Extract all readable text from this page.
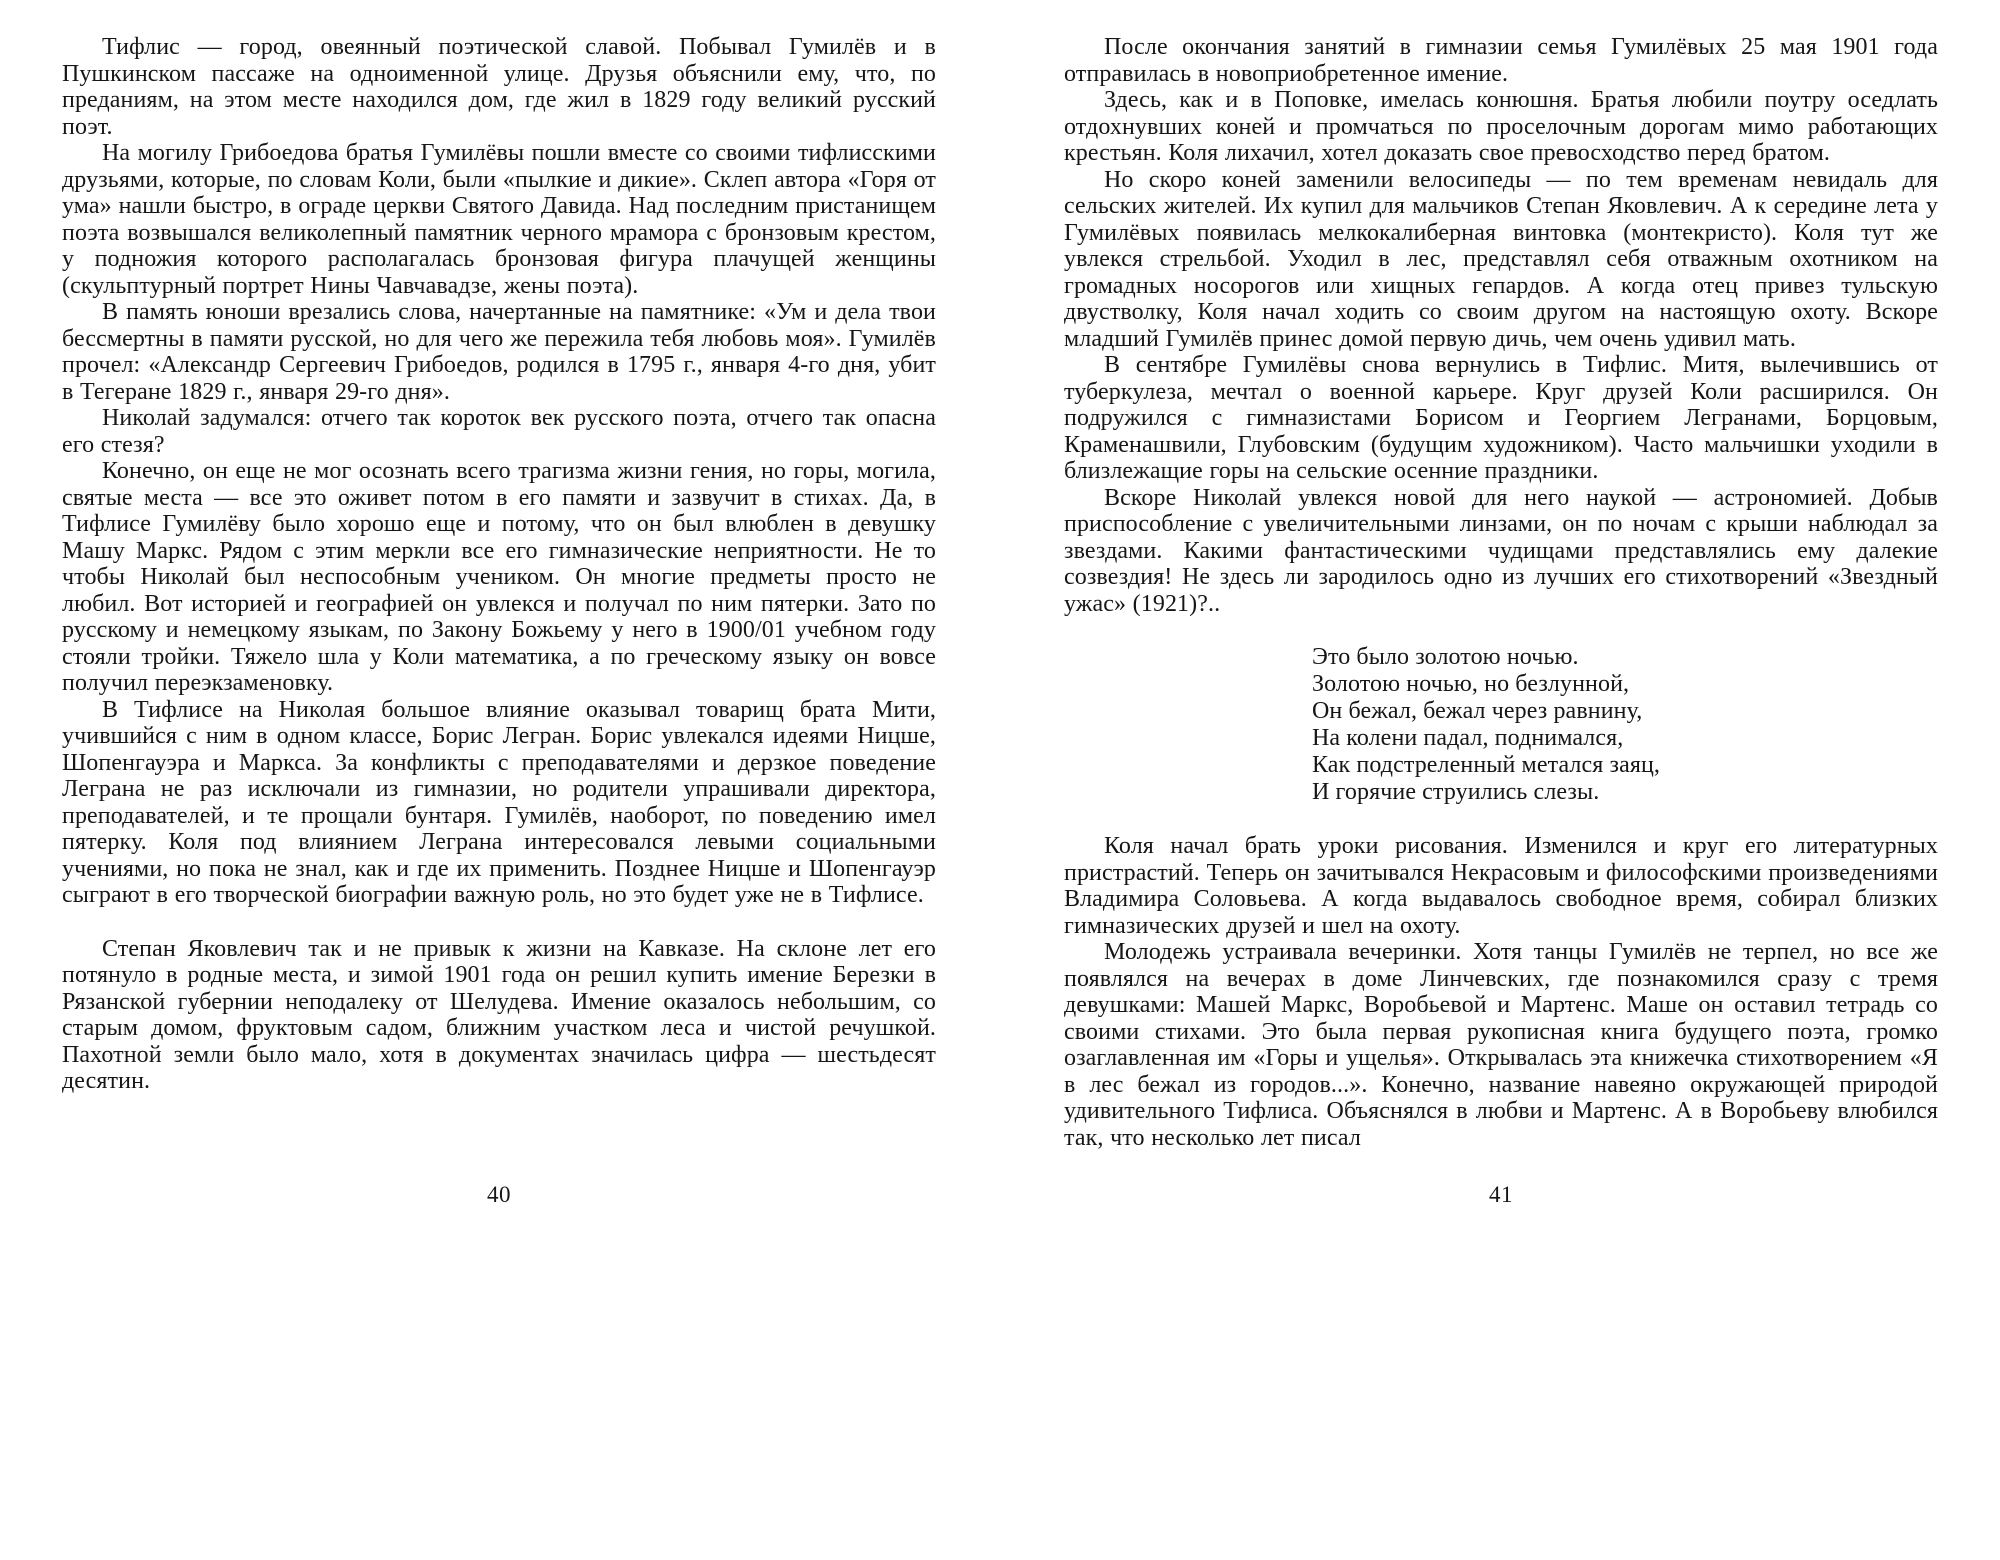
Тифлис — город, овеянный поэтической славой. Побывал Гумилёв и в Пушкинском пассаже на одноименной улице. Друзья объяснили ему, что, по преданиям, на этом месте находился дом, где жил в 1829 году великий русский поэт.

На могилу Грибоедова братья Гумилёвы пошли вместе со своими тифлисскими друзьями, которые, по словам Коли, были «пылкие и дикие». Склеп автора «Горя от ума» нашли быстро, в ограде церкви Святого Давида. Над последним пристанищем поэта возвышался великолепный памятник черного мрамора с бронзовым крестом, у подножия которого располагалась бронзовая фигура плачущей женщины (скульптурный портрет Нины Чавчавадзе, жены поэта).

В память юноши врезались слова, начертанные на памятнике: «Ум и дела твои бессмертны в памяти русской, но для чего же пережила тебя любовь моя». Гумилёв прочел: «Александр Сергеевич Грибоедов, родился в 1795 г., января 4-го дня, убит в Тегеране 1829 г., января 29-го дня».

Николай задумался: отчего так короток век русского поэта, отчего так опасна его стезя?

Конечно, он еще не мог осознать всего трагизма жизни гения, но горы, могила, святые места — все это оживет потом в его памяти и зазвучит в стихах. Да, в Тифлисе Гумилёву было хорошо еще и потому, что он был влюблен в девушку Машу Маркс. Рядом с этим меркли все его гимназические неприятности. Не то чтобы Николай был неспособным учеником. Он многие предметы просто не любил. Вот историей и географией он увлекся и получал по ним пятерки. Зато по русскому и немецкому языкам, по Закону Божьему у него в 1900/01 учебном году стояли тройки. Тяжело шла у Коли математика, а по греческому языку он вовсе получил переэкзаменовку.

В Тифлисе на Николая большое влияние оказывал товарищ брата Мити, учившийся с ним в одном классе, Борис Легран. Борис увлекался идеями Ницше, Шопенгауэра и Маркса. За конфликты с преподавателями и дерзкое поведение Леграна не раз исключали из гимназии, но родители упрашивали директора, преподавателей, и те прощали бунтаря. Гумилёв, наоборот, по поведению имел пятерку. Коля под влиянием Леграна интересовался левыми социальными учениями, но пока не знал, как и где их применить. Позднее Ницше и Шопенгауэр сыграют в его творческой биографии важную роль, но это будет уже не в Тифлисе.

Степан Яковлевич так и не привык к жизни на Кавказе. На склоне лет его потянуло в родные места, и зимой 1901 года он решил купить имение Березки в Рязанской губернии неподалеку от Шелудева. Имение оказалось небольшим, со старым домом, фруктовым садом, ближним участком леса и чистой речушкой. Пахотной земли было мало, хотя в документах значилась цифра — шестьдесят десятин.

40

После окончания занятий в гимназии семья Гумилёвых 25 мая 1901 года отправилась в новоприобретенное имение.

Здесь, как и в Поповке, имелась конюшня. Братья любили поутру оседлать отдохнувших коней и промчаться по проселочным дорогам мимо работающих крестьян. Коля лихачил, хотел доказать свое превосходство перед братом.

Но скоро коней заменили велосипеды — по тем временам невидаль для сельских жителей. Их купил для мальчиков Степан Яковлевич. А к середине лета у Гумилёвых появилась мелкокалиберная винтовка (монтекристо). Коля тут же увлекся стрельбой. Уходил в лес, представлял себя отважным охотником на громадных носорогов или хищных гепардов. А когда отец привез тульскую двустволку, Коля начал ходить со своим другом на настоящую охоту. Вскоре младший Гумилёв принес домой первую дичь, чем очень удивил мать.

В сентябре Гумилёвы снова вернулись в Тифлис. Митя, вылечившись от туберкулеза, мечтал о военной карьере. Круг друзей Коли расширился. Он подружился с гимназистами Борисом и Георгием Легранами, Борцовым, Краменашвили, Глубовским (будущим художником). Часто мальчишки уходили в близлежащие горы на сельские осенние праздники.

Вскоре Николай увлекся новой для него наукой — астрономией. Добыв приспособление с увеличительными линзами, он по ночам с крыши наблюдал за звездами. Какими фантастическими чудищами представлялись ему далекие созвездия! Не здесь ли зародилось одно из лучших его стихотворений «Звездный ужас» (1921)?..

Это было золотою ночью.
Золотою ночью, но безлунной,
Он бежал, бежал через равнину,
На колени падал, поднимался,
Как подстреленный метался заяц,
И горячие струились слезы.

Коля начал брать уроки рисования. Изменился и круг его литературных пристрастий. Теперь он зачитывался Некрасовым и философскими произведениями Владимира Соловьева. А когда выдавалось свободное время, собирал близких гимназических друзей и шел на охоту.

Молодежь устраивала вечеринки. Хотя танцы Гумилёв не терпел, но все же появлялся на вечерах в доме Линчевских, где познакомился сразу с тремя девушками: Машей Маркс, Воробьевой и Мартенс. Маше он оставил тетрадь со своими стихами. Это была первая рукописная книга будущего поэта, громко озаглавленная им «Горы и ущелья». Открывалась эта книжечка стихотворением «Я в лес бежал из городов...». Конечно, название навеяно окружающей природой удивительного Тифлиса. Объяснялся в любви и Мартенс. А в Воробьеву влюбился так, что несколько лет писал

41
